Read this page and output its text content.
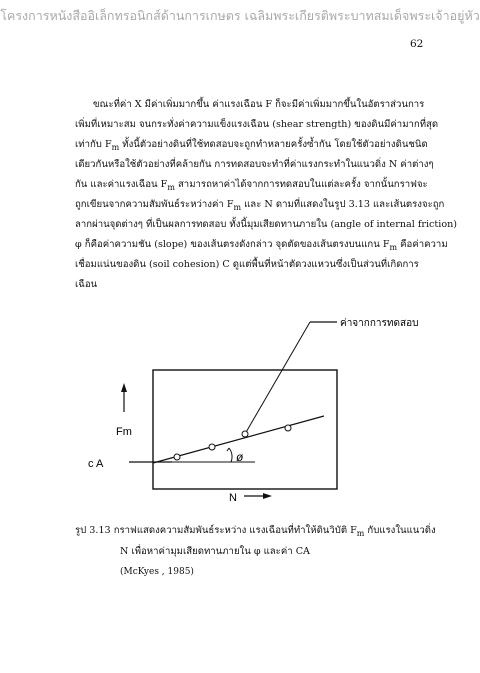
โครงการหนังสืออิเล็กทรอนิกส์ด้านการเกษตร เฉลิมพระเกียรติพระบาทสมเด็จพระเจ้าอยู่หัว
62
ขณะที่ค่า X มีค่าเพิ่มมากขึ้น ค่าแรงเฉือน F ก็จะมีค่าเพิ่มมากขึ้นในอัตราส่วนการ
เพิ่มที่เหมาะสม จนกระทั่งค่าความแข็งแรงเฉือน (shear strength) ของดินมีค่ามากที่สุด
เท่ากับ $F_m$ ทั้งนี้ตัวอย่างดินที่ใช้ทดสอบจะถูกทำหลายครั้งซ้ำกัน โดยใช้ตัวอย่างดินชนิด
เดียวกันหรือใช้ตัวอย่างที่คล้ายกัน การทดสอบจะทำที่ค่าแรงกระทำในแนวดิ่ง N ค่าต่างๆ
กัน และค่าแรงเฉือน $F_m$ สามารถหาค่าได้จากการทดสอบในแต่ละครั้ง จากนั้นกราฟจะ
ถูกเขียนจากความสัมพันธ์ระหว่างค่า $F_m$ และ N ดามที่แสดงในรูป 3.13 และเส้นตรงจะถูก
ลากผ่านจุดต่างๆ ที่เป็นผลการทดสอบ ทั้งนี้มุมเสียดทานภายใน (angle of internal friction)
φ ก็คือค่าความชัน (slope) ของเส้นตรงดังกล่าว จุดตัดของเส้นตรงบนแกน $F_m$ คือค่าความ
เชื่อมแน่นของดิน (soil cohesion) C ดูแต่พื้นที่หน้าตัดวงแหวนซึ่งเป็นส่วนที่เกิดการ
เฉือน
ค่าจากการทดสอบ
Fm
c A	ø
N
รูป 3.13 กราฟแสดงความสัมพันธ์ระหว่าง แรงเฉือนที่ทำให้ดินวิบัติ $F_m$ กับแรงในแนวดิ่ง
N เพื่อหาค่ามุมเสียดทานภายใน φ และค่า CA
(McKyes , 1985)
